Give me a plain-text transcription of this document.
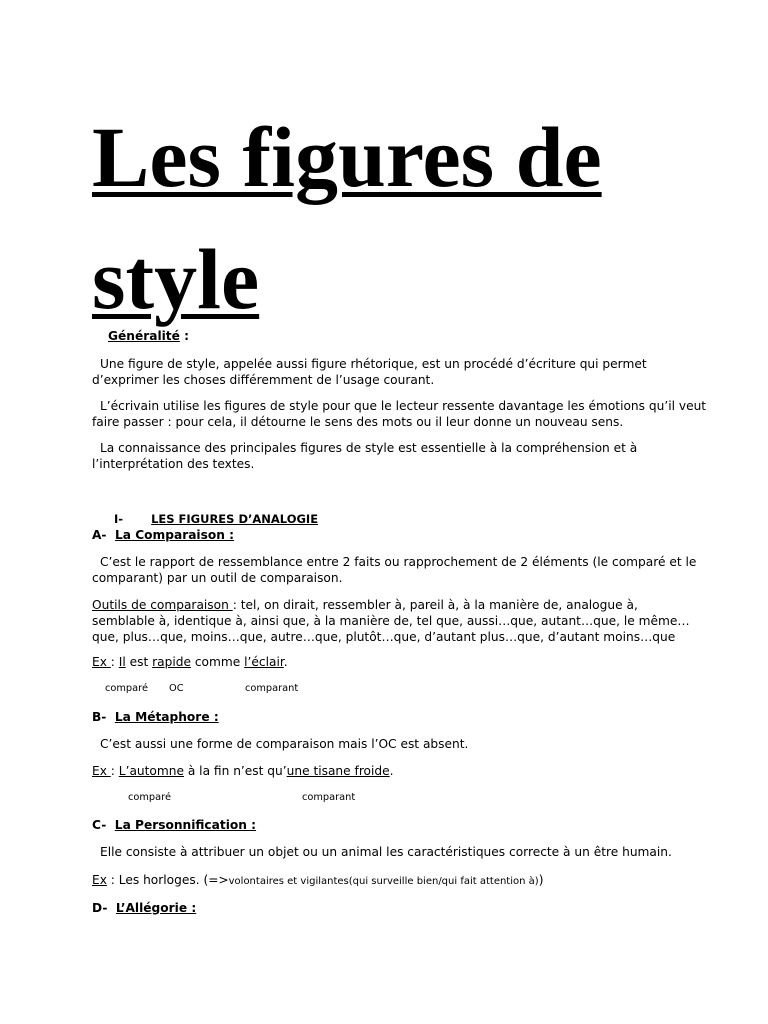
Les figures de
style
Généralité :
Une figure de style, appelée aussi figure rhétorique, est un procédé d’écriture qui permet
d’exprimer les choses différemment de l’usage courant.
L’écrivain utilise les figures de style pour que le lecteur ressente davantage les émotions qu’il veut
faire passer : pour cela, il détourne le sens des mots ou il leur donne un nouveau sens.
La connaissance des principales figures de style est essentielle à la compréhension et à
l’interprétation des textes.
I- LES FIGURES D’ANALOGIE
A- La Comparaison :
C’est le rapport de ressemblance entre 2 faits ou rapprochement de 2 éléments (le comparé et le
comparant) par un outil de comparaison.
Outils de comparaison : tel, on dirait, ressembler à, pareil à, à la manière de, analogue à,
semblable à, identique à, ainsi que, à la manière de, tel que, aussi…que, autant…que, le même…
que, plus…que, moins…que, autre…que, plutôt…que, d’autant plus…que, d’autant moins…que
Ex : Il est rapide comme l’éclair.
comparé OC	comparant
B- La Métaphore :
C’est aussi une forme de comparaison mais l’OC est absent.
Ex : L’automne à la fin n’est qu’une tisane froide.
comparé	comparant
C- La Personnification :
Elle consiste à attribuer un objet ou un animal les caractéristiques correcte à un être humain.
Ex : Les horloges. (=>volontaires et vigilantes(qui surveille bien/qui fait attention à))
D- L’Allégorie :
